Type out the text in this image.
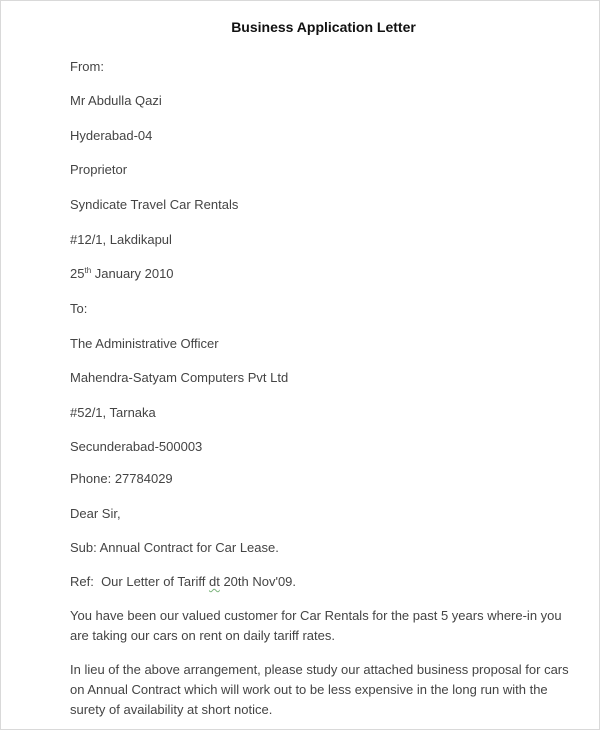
Business Application Letter
From:
Mr Abdulla Qazi
Hyderabad-04
Proprietor
Syndicate Travel Car Rentals
#12/1, Lakdikapul
25th January 2010
To:
The Administrative Officer
Mahendra-Satyam Computers Pvt Ltd
#52/1, Tarnaka
Secunderabad-500003
Phone: 27784029
Dear Sir,
Sub: Annual Contract for Car Lease.
Ref:  Our Letter of Tariff dt 20th Nov'09.
You have been our valued customer for Car Rentals for the past 5 years where-in you are taking our cars on rent on daily tariff rates.
In lieu of the above arrangement, please study our attached business proposal for cars on Annual Contract which will work out to be less expensive in the long run with the surety of availability at short notice.
